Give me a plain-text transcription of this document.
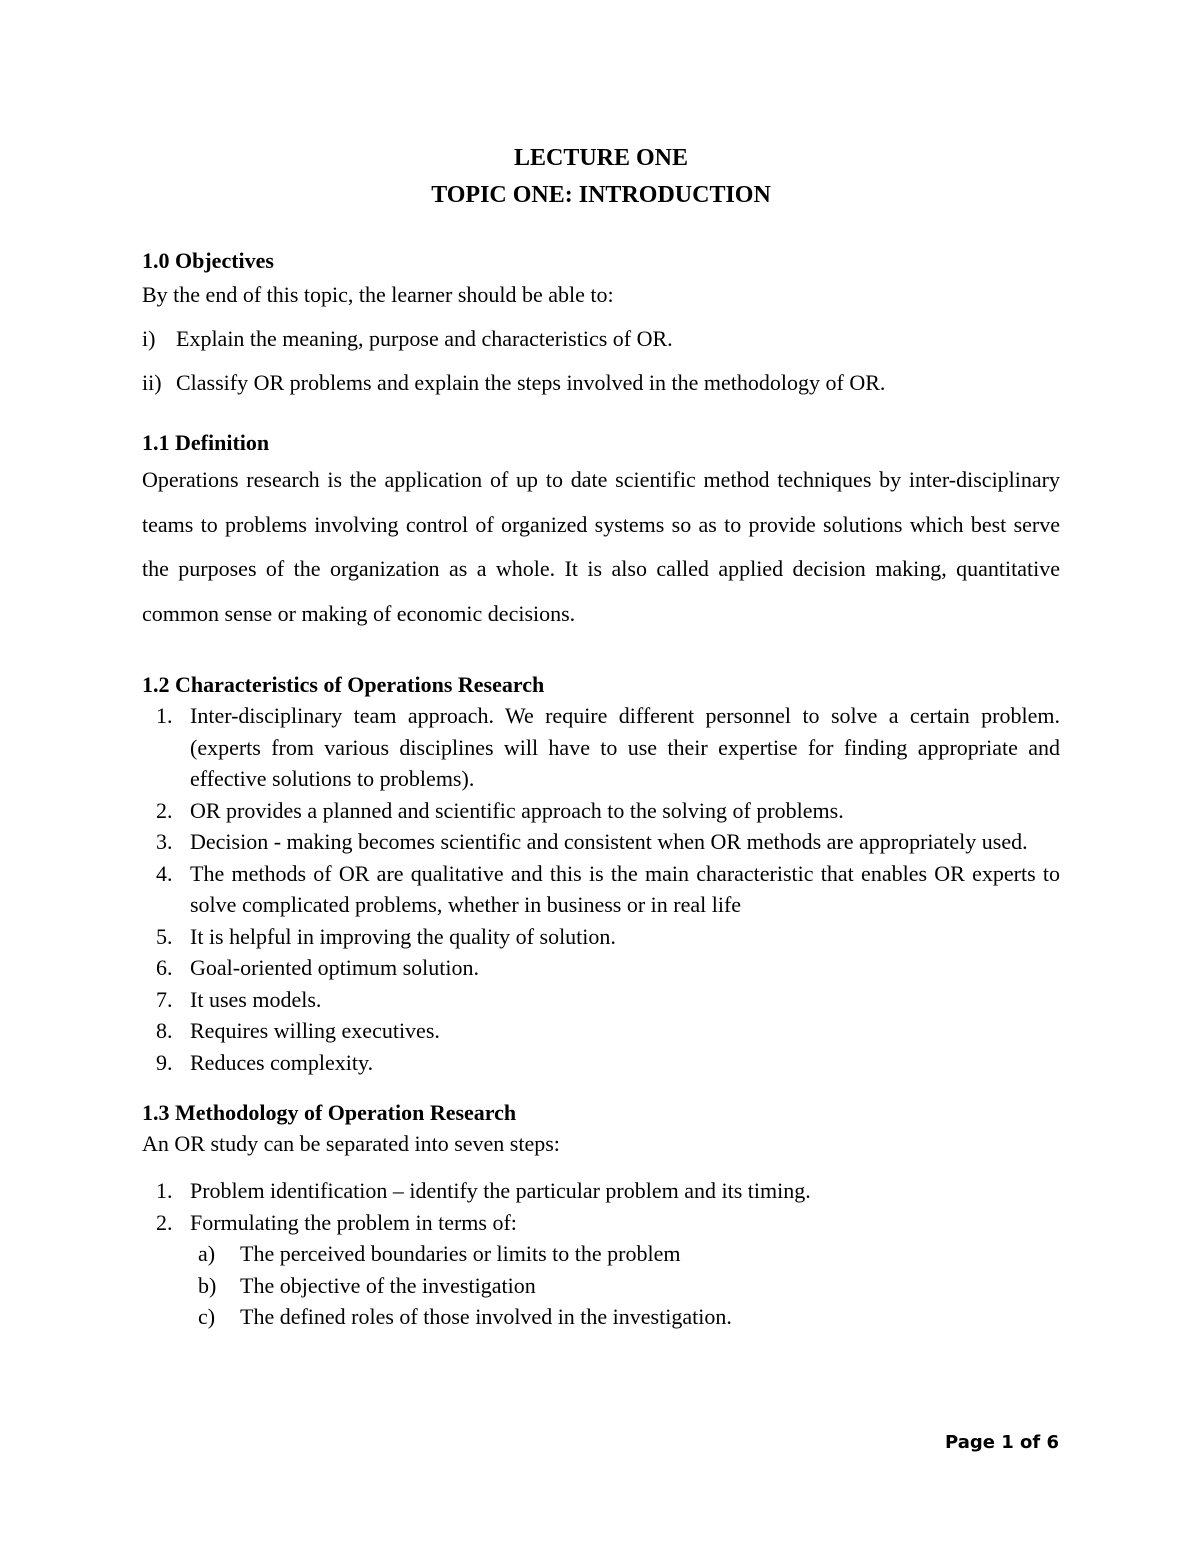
LECTURE ONE
TOPIC ONE: INTRODUCTION
1.0 Objectives
By the end of this topic, the learner should be able to:
i) Explain the meaning, purpose and characteristics of OR.
ii) Classify OR problems and explain the steps involved in the methodology of OR.
1.1 Definition
Operations research is the application of up to date scientific method techniques by inter-disciplinary teams to problems involving control of organized systems so as to provide solutions which best serve the purposes of the organization as a whole. It is also called applied decision making, quantitative common sense or making of economic decisions.
1.2 Characteristics of Operations Research
1. Inter-disciplinary team approach. We require different personnel to solve a certain problem.(experts from various disciplines will have to use their expertise for finding appropriate and effective solutions to problems).
2. OR provides a planned and scientific approach to the solving of problems.
3. Decision - making becomes scientific and consistent when OR methods are appropriately used.
4. The methods of OR are qualitative and this is the main characteristic that enables OR experts to solve complicated problems, whether in business or in real life
5. It is helpful in improving the quality of solution.
6. Goal-oriented optimum solution.
7. It uses models.
8. Requires willing executives.
9. Reduces complexity.
1.3 Methodology of Operation Research
An OR study can be separated into seven steps:
1. Problem identification – identify the particular problem and its timing.
2. Formulating the problem in terms of:
a)	The perceived boundaries or limits to the problem
b)	The objective of the investigation
c)	The defined roles of those involved in the investigation.
Page 1 of 6
